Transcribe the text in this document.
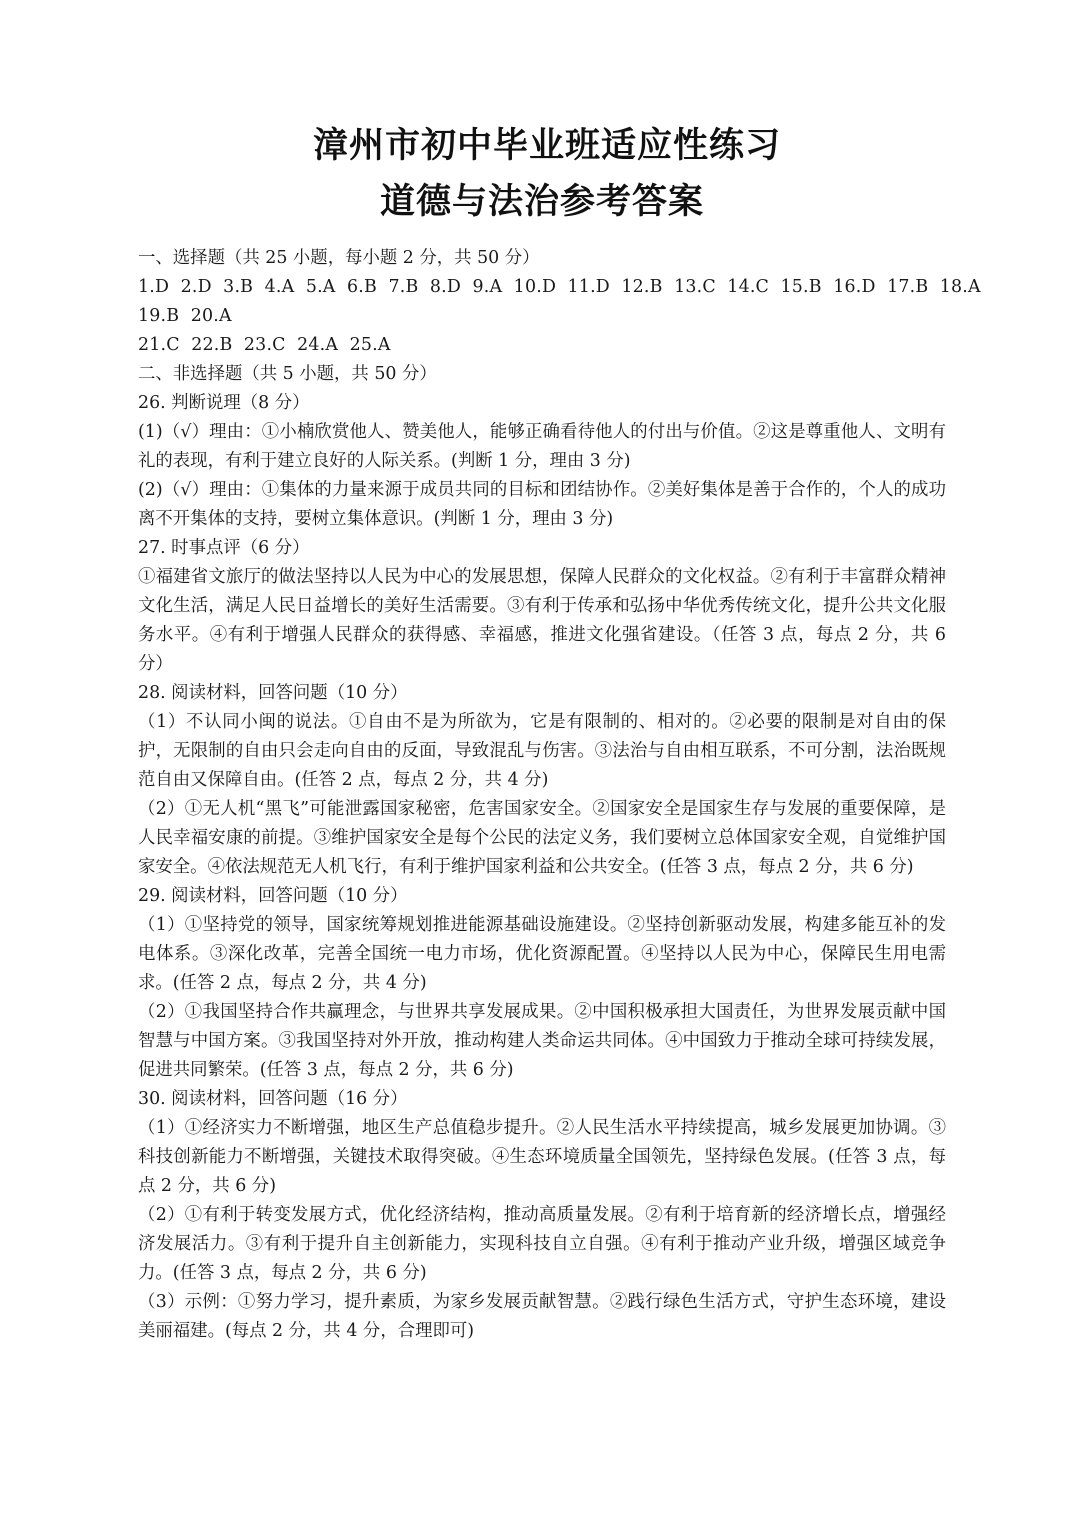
漳州市初中毕业班适应性练习
道德与法治参考答案

一、选择题（共 25 小题，每小题 2 分，共 50 分）

1.D  2.D  3.B  4.A  5.A  6.B  7.B  8.D  9.A  10.D  11.D  12.B  13.C  14.C  15.B  16.D  17.B  18.A

19.B  20.A

21.C  22.B  23.C  24.A  25.A

二、非选择题（共 5 小题，共 50 分）

26. 判断说理（8 分）

(1)（√）理由：①小楠欣赏他人、赞美他人，能够正确看待他人的付出与价值。②这是尊重他人、文明有礼的表现，有利于建立良好的人际关系。(判断 1 分，理由 3 分)

(2)（√）理由：①集体的力量来源于成员共同的目标和团结协作。②美好集体是善于合作的，个人的成功离不开集体的支持，要树立集体意识。(判断 1 分，理由 3 分)

27. 时事点评（6 分）

①福建省文旅厅的做法坚持以人民为中心的发展思想，保障人民群众的文化权益。②有利于丰富群众精神文化生活，满足人民日益增长的美好生活需要。③有利于传承和弘扬中华优秀传统文化，提升公共文化服务水平。④有利于增强人民群众的获得感、幸福感，推进文化强省建设。（任答 3 点，每点 2 分，共 6 分）

28. 阅读材料，回答问题（10 分）

（1）不认同小闽的说法。①自由不是为所欲为，它是有限制的、相对的。②必要的限制是对自由的保护，无限制的自由只会走向自由的反面，导致混乱与伤害。③法治与自由相互联系，不可分割，法治既规范自由又保障自由。(任答 2 点，每点 2 分，共 4 分)

（2）①无人机“黑飞”可能泄露国家秘密，危害国家安全。②国家安全是国家生存与发展的重要保障，是人民幸福安康的前提。③维护国家安全是每个公民的法定义务，我们要树立总体国家安全观，自觉维护国家安全。④依法规范无人机飞行，有利于维护国家利益和公共安全。(任答 3 点，每点 2 分，共 6 分)

29. 阅读材料，回答问题（10 分）

（1）①坚持党的领导，国家统筹规划推进能源基础设施建设。②坚持创新驱动发展，构建多能互补的发电体系。③深化改革，完善全国统一电力市场，优化资源配置。④坚持以人民为中心，保障民生用电需求。(任答 2 点，每点 2 分，共 4 分)

（2）①我国坚持合作共赢理念，与世界共享发展成果。②中国积极承担大国责任，为世界发展贡献中国智慧与中国方案。③我国坚持对外开放，推动构建人类命运共同体。④中国致力于推动全球可持续发展，促进共同繁荣。(任答 3 点，每点 2 分，共 6 分)

30. 阅读材料，回答问题（16 分）

（1）①经济实力不断增强，地区生产总值稳步提升。②人民生活水平持续提高，城乡发展更加协调。③科技创新能力不断增强，关键技术取得突破。④生态环境质量全国领先，坚持绿色发展。(任答 3 点，每点 2 分，共 6 分)

（2）①有利于转变发展方式，优化经济结构，推动高质量发展。②有利于培育新的经济增长点，增强经济发展活力。③有利于提升自主创新能力，实现科技自立自强。④有利于推动产业升级，增强区域竞争力。(任答 3 点，每点 2 分，共 6 分)

（3）示例：①努力学习，提升素质，为家乡发展贡献智慧。②践行绿色生活方式，守护生态环境，建设美丽福建。(每点 2 分，共 4 分，合理即可)
